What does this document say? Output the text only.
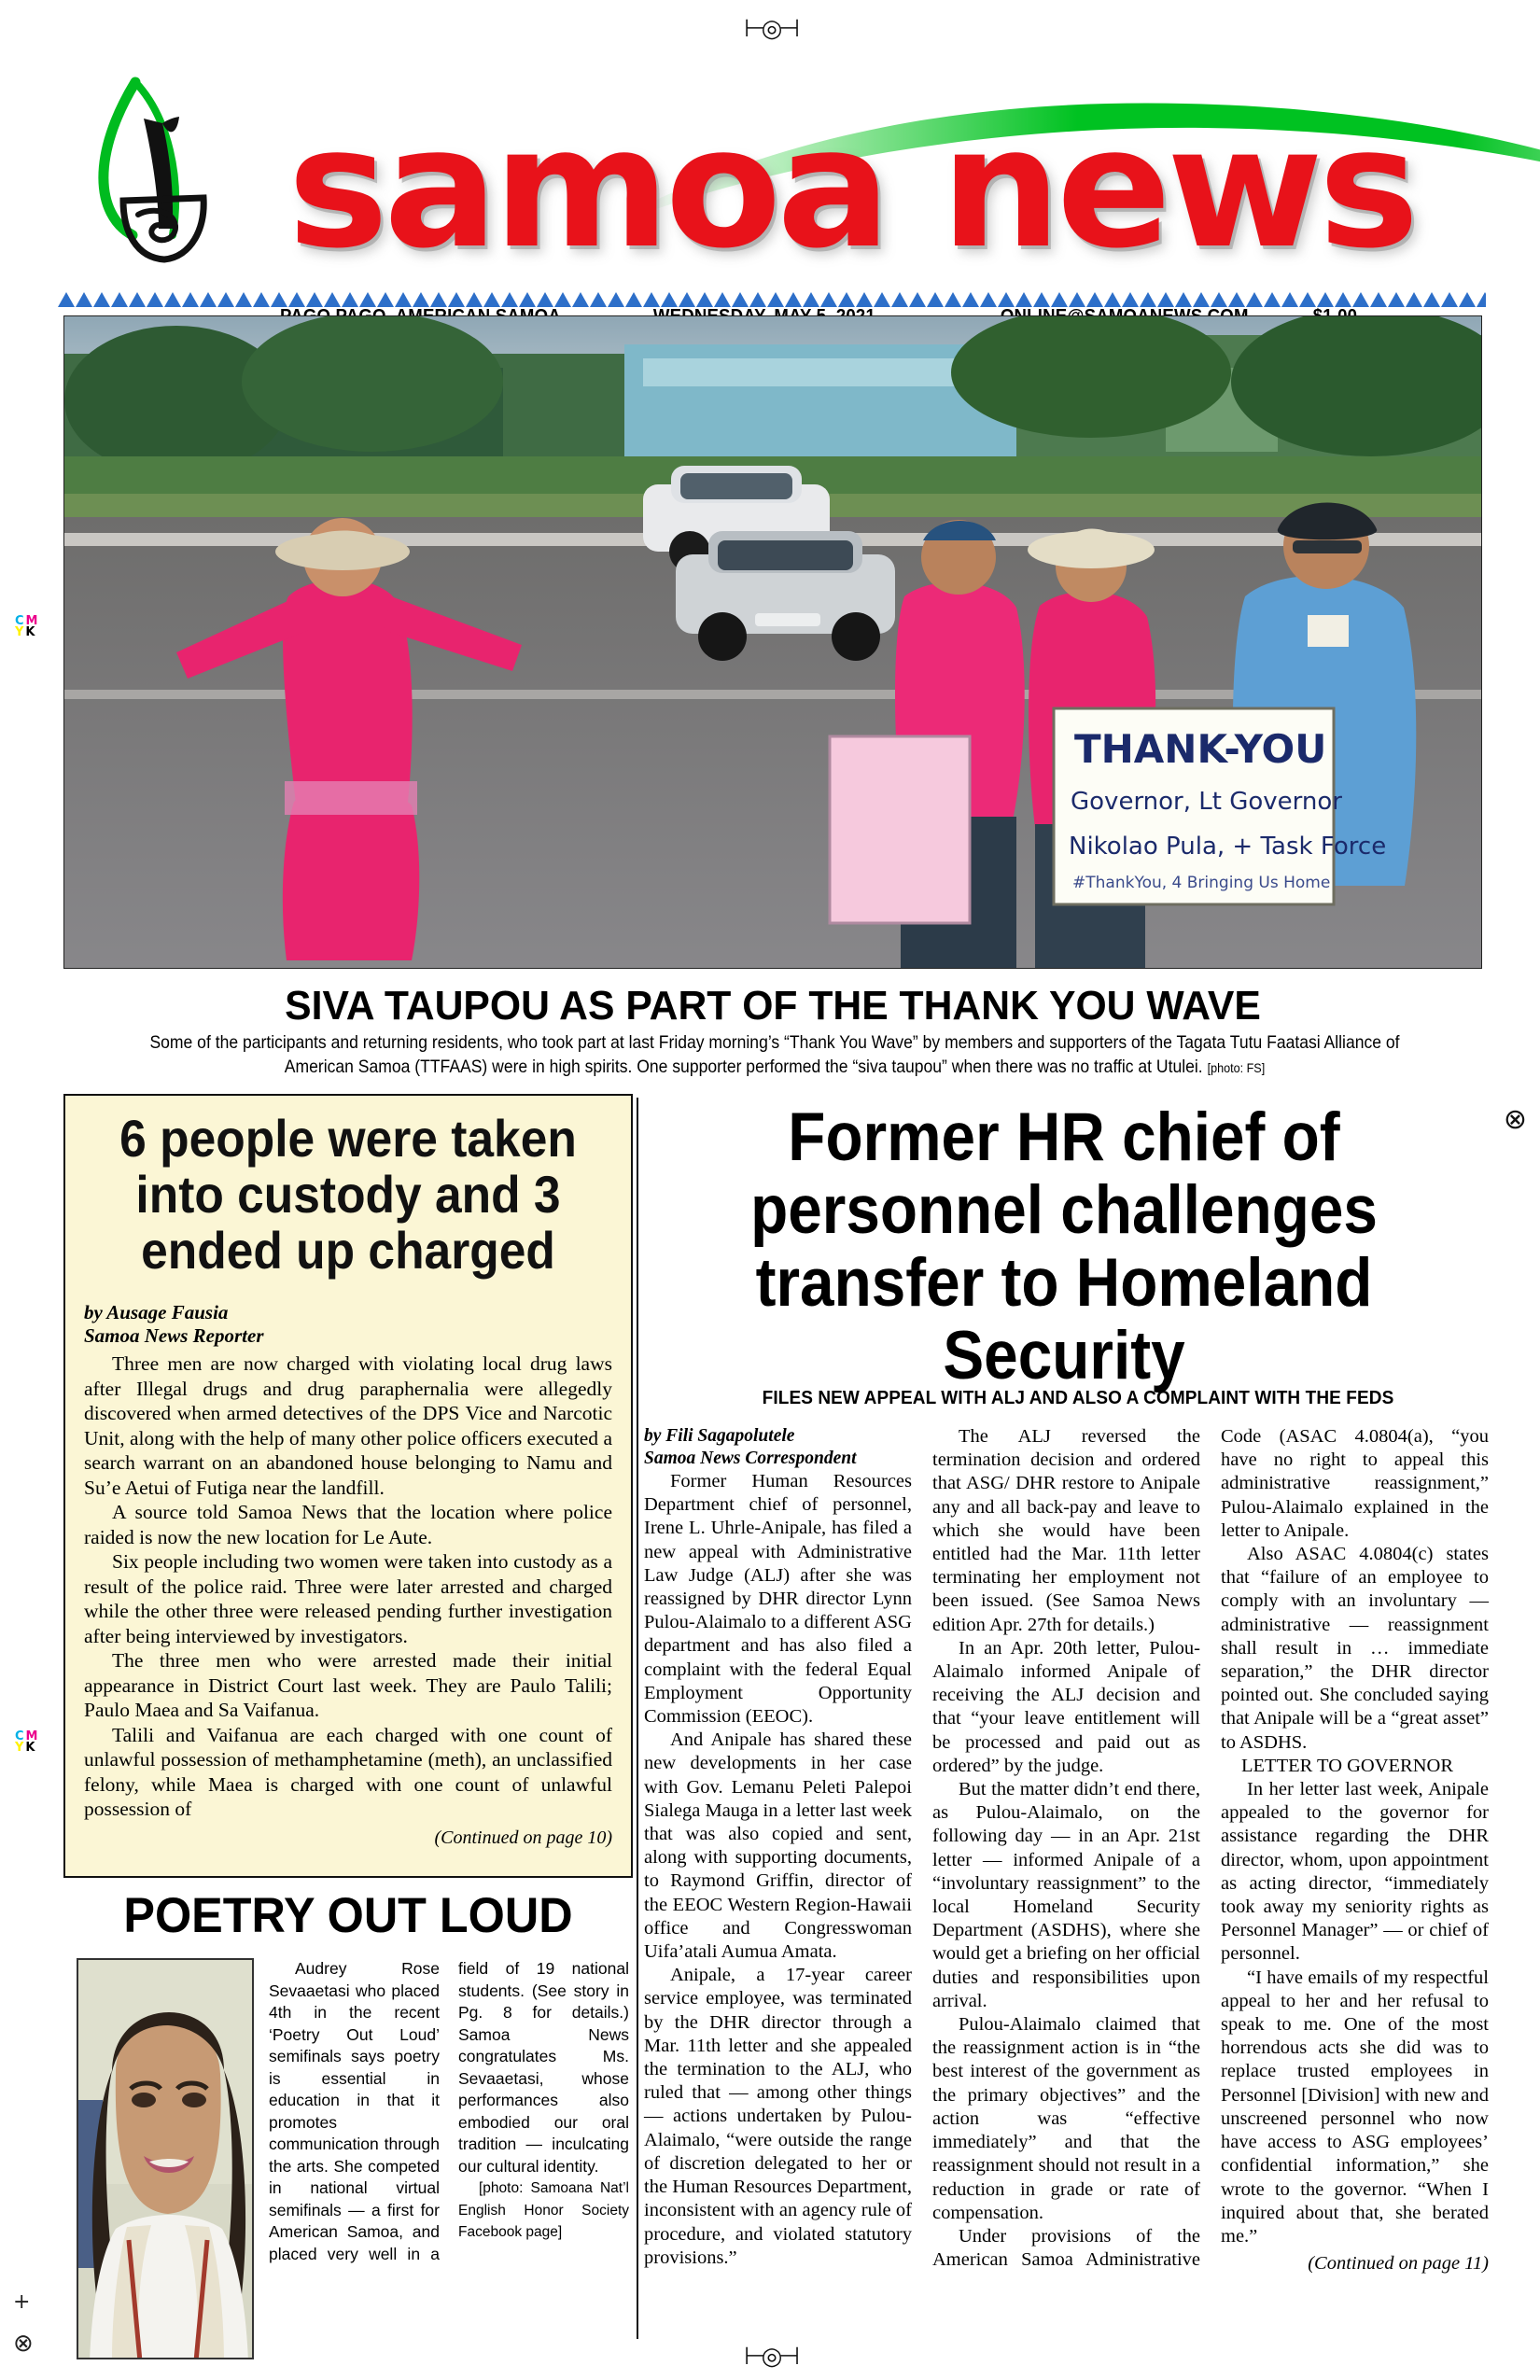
⊢◎⊣
⊢◎⊣
+
⊗
⊗
C M
Y K
C M
Y K
samoa news
THANK-YOU
Governor, Lt Governor
Nikolao Pula, + Task Force
#ThankYou, 4 Bringing Us Home
SIVA TAUPOU AS PART OF THE THANK YOU WAVE
Some of the participants and returning residents, who took part at last Friday morning’s “Thank You Wave” by members and supporters of the Tagata Tutu Faatasi Alliance of American Samoa (TTFAAS) were in high spirits. One supporter performed the “siva taupou” when there was no traffic at Utulei. [photo: FS]
6 people were taken into custody and 3 ended up charged
by Ausage Fausia
Samoa News Reporter

Three men are now charged with violating local drug laws after Illegal drugs and drug paraphernalia were allegedly discovered when armed detectives of the DPS Vice and Narcotic Unit, along with the help of many other police officers executed a search warrant on an abandoned house belonging to Namu and Su’e Aetui of Futiga near the landfill.

A source told Samoa News that the location where police raided is now the new location for Le Aute.

Six people including two women were taken into custody as a result of the police raid. Three were later arrested and charged while the other three were released pending further investigation after being interviewed by investigators.

The three men who were arrested made their initial appearance in District Court last week. They are Paulo Talili; Paulo Maea and Sa Vaifanua.

Talili and Vaifanua are each charged with one count of unlawful possession of methamphetamine (meth), an unclassified felony, while Maea is charged with one count of unlawful possession of

(Continued on page 10)
POETRY OUT LOUD

Audrey Rose Sevaaetasi who placed 4th in the recent ‘Poetry Out Loud’ semifinals says poetry is essential in education in that it promotes communication through the arts. She competed in national virtual semifinals — a first for American Samoa, and placed very well in a field of 19 national students. (See story in Pg. 8 for details.) Samoa News congratulates Ms. Sevaaetasi, whose performances also embodied our oral tradition — inculcating our cultural identity.

[photo: Samoana Nat’l English Honor Society Facebook page]

Former HR chief of personnel challenges transfer to Homeland Security
FILES NEW APPEAL WITH ALJ AND ALSO A COMPLAINT WITH THE FEDS

by Fili Sagapolutele

Samoa News Correspondent

Former Human Resources Department chief of personnel, Irene L. Uhrle-Anipale, has filed a new appeal with Administrative Law Judge (ALJ) after she was reassigned by DHR director Lynn Pulou-Alaimalo to a different ASG department and has also filed a complaint with the federal Equal Employment Opportunity Commission (EEOC).

And Anipale has shared these new developments in her case with Gov. Lemanu Peleti Palepoi Sialega Mauga in a letter last week that was also copied and sent, along with supporting documents, to Raymond Griffin, director of the EEOC Western Region-Hawaii office and Congresswoman Uifa’atali Aumua Amata.

Anipale, a 17-year career service employee, was terminated by the DHR director through a Mar. 11th letter and she appealed the termination to the ALJ, who ruled that — among other things — actions undertaken by Pulou-Alaimalo, “were outside the range of discretion delegated to her or the Human Resources Department, inconsistent with an agency rule of procedure, and violated statutory provisions.”

The ALJ reversed the termination decision and ordered that ASG/ DHR restore to Anipale any and all back-pay and leave to which she would have been entitled had the Mar. 11th letter terminating her employment not been issued. (See Samoa News edition Apr. 27th for details.)

In an Apr. 20th letter, Pulou-Alaimalo informed Anipale of receiving the ALJ decision and that “your leave entitlement will be processed and paid out as ordered” by the judge.

But the matter didn’t end there, as Pulou-Alaimalo, on the following day — in an Apr. 21st letter — informed Anipale of a “involuntary reassignment” to the local Homeland Security Department (ASDHS), where she would get a briefing on her official duties and responsibilities upon arrival.

Pulou-Alaimalo claimed that the reassignment action is in “the best interest of the government as the primary objectives” and the action was “effective immediately” and that the reassignment should not result in a reduction in grade or rate of compensation.

Under provisions of the American Samoa Administrative Code (ASAC 4.0804(a), “you have no right to appeal this administrative reassignment,” Pulou-Alaimalo explained in the letter to Anipale.

Also ASAC 4.0804(c) states that “failure of an employee to comply with an involuntary — administrative — reassignment shall result in … immediate separation,” the DHR director pointed out. She concluded saying that Anipale will be a “great asset” to ASDHS.

LETTER TO GOVERNOR

In her letter last week, Anipale appealed to the governor for assistance regarding the DHR director, whom, upon appointment as acting director, “immediately took away my seniority rights as Personnel Manager” — or chief of personnel.

“I have emails of my respectful appeal to her and her refusal to speak to me. One of the most horrendous acts she did was to replace trusted employees in Personnel [Division] with new and unscreened personnel who now have access to ASG employees’ confidential information,” she wrote to the governor. “When I inquired about that, she berated me.”

(Continued on page 11)
